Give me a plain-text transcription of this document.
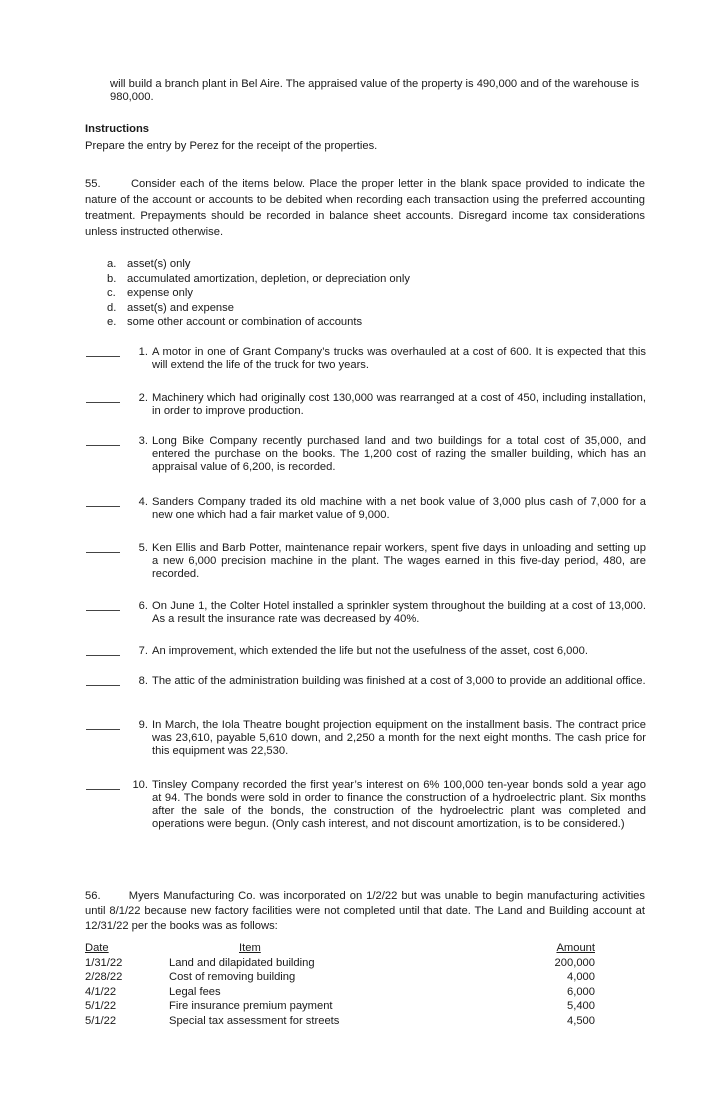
will build a branch plant in Bel Aire. The appraised value of the property is 490,000 and of the warehouse is 980,000.

Instructions

Prepare the entry by Perez for the receipt of the properties.

55.	Consider each of the items below. Place the proper letter in the blank space provided to indicate the nature of the account or accounts to be debited when recording each transaction using the preferred accounting treatment. Prepayments should be recorded in balance sheet accounts. Disregard income tax considerations unless instructed otherwise.

a. asset(s) only
b. accumulated amortization, depletion, or depreciation only
c.	expense only
d. asset(s) and expense
e. some other account or combination of accounts
1. A motor in one of Grant Company’s trucks was overhauled at a cost of 600. It is expected that this will extend the life of the truck for two years.
2. Machinery which had originally cost 130,000 was rearranged at a cost of 450, including installation, in order to improve production.
3. Long Bike Company recently purchased land and two buildings for a total cost of 35,000, and entered the purchase on the books. The 1,200 cost of razing the smaller building, which has an appraisal value of 6,200, is recorded.
4. Sanders Company traded its old machine with a net book value of 3,000 plus cash of 7,000 for a new one which had a fair market value of 9,000.
5. Ken Ellis and Barb Potter, maintenance repair workers, spent five days in unloading and setting up a new 6,000 precision machine in the plant. The wages earned in this five-day period, 480, are recorded.
6. On June 1, the Colter Hotel installed a sprinkler system throughout the building at a cost of 13,000. As a result the insurance rate was decreased by 40%.
7. An improvement, which extended the life but not the usefulness of the asset, cost 6,000.
8. The attic of the administration building was finished at a cost of 3,000 to provide an additional office.
9. In March, the Iola Theatre bought projection equipment on the installment basis. The contract price was 23,610, payable 5,610 down, and 2,250 a month for the next eight months. The cash price for this equipment was 22,530.
10. Tinsley Company recorded the first year’s interest on 6% 100,000 ten-year bonds sold a year ago at 94. The bonds were sold in order to finance the construction of a hydroelectric plant. Six months after the sale of the bonds, the construction of the hydroelectric plant was completed and operations were begun. (Only cash interest, and not discount amortization, is to be considered.)

56.	Myers Manufacturing Co. was incorporated on 1/2/22 but was unable to begin manufacturing activities until 8/1/22 because new factory facilities were not completed until that date. The Land and Building account at 12/31/22 per the books was as follows:

Date	Item	Amount
1/31/22	Land and dilapidated building	200,000
2/28/22	Cost of removing building	4,000
4/1/22	Legal fees	6,000
5/1/22	Fire insurance premium payment	5,400
5/1/22	Special tax assessment for streets	4,500
